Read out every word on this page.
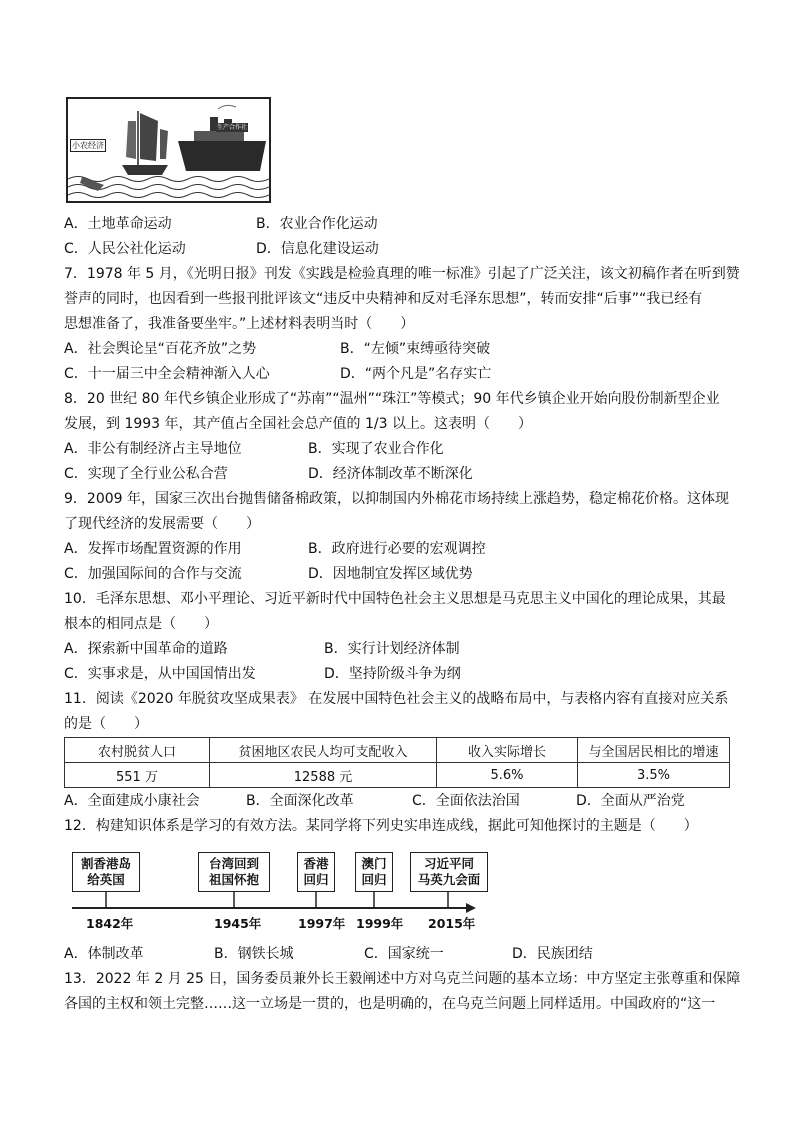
小农经济
生产合作社
A．土地革命运动	B．农业合作化运动
C．人民公社化运动	D．信息化建设运动
7．1978 年 5 月，《光明日报》刊发《实践是检验真理的唯一标准》引起了广泛关注，该文初稿作者在听到赞
誉声的同时，也因看到一些报刊批评该文“违反中央精神和反对毛泽东思想”，转而安排“后事”“我已经有
思想准备了，我准备要坐牢。”上述材料表明当时（　　）
A．社会舆论呈“百花齐放”之势	B．“左倾”束缚亟待突破
C．十一届三中全会精神渐入人心	D．“两个凡是”名存实亡
8．20 世纪 80 年代乡镇企业形成了“苏南”“温州”“珠江”等模式；90 年代乡镇企业开始向股份制新型企业
发展，到 1993 年，其产值占全国社会总产值的 1/3 以上。这表明（　　）
A．非公有制经济占主导地位	B．实现了农业合作化
C．实现了全行业公私合营	D．经济体制改革不断深化
9．2009 年，国家三次出台抛售储备棉政策，以抑制国内外棉花市场持续上涨趋势，稳定棉花价格。这体现
了现代经济的发展需要（　　）
A．发挥市场配置资源的作用	B．政府进行必要的宏观调控
C．加强国际间的合作与交流	D．因地制宜发挥区域优势
10．毛泽东思想、邓小平理论、习近平新时代中国特色社会主义思想是马克思主义中国化的理论成果，其最
根本的相同点是（　　）
A．探索新中国革命的道路	B．实行计划经济体制
C．实事求是，从中国国情出发	D．坚持阶级斗争为纲
11．阅读《2020 年脱贫攻坚成果表》 在发展中国特色社会主义的战略布局中，与表格内容有直接对应关系
的是（　　）
农村脱贫人口	贫困地区农民人均可支配收入	收入实际增长	与全国居民相比的增速
551 万	12588 元	5.6%	3.5%
A．全面建成小康社会	B．全面深化改革	C．全面依法治国	D．全面从严治党
12．构建知识体系是学习的有效方法。某同学将下列史实串连成线，据此可知他探讨的主题是（　　）
割香港岛
给英国
台湾回到
祖国怀抱
香港
回归
澳门
回归
习近平同
马英九会面
1842年	1945年	1997年 1999年 2015年
A．体制改革	B．钢铁长城	C．国家统一	D．民族团结
13．2022 年 2 月 25 日，国务委员兼外长王毅阐述中方对乌克兰问题的基本立场：中方坚定主张尊重和保障
各国的主权和领土完整……这一立场是一贯的，也是明确的，在乌克兰问题上同样适用。中国政府的“这一
